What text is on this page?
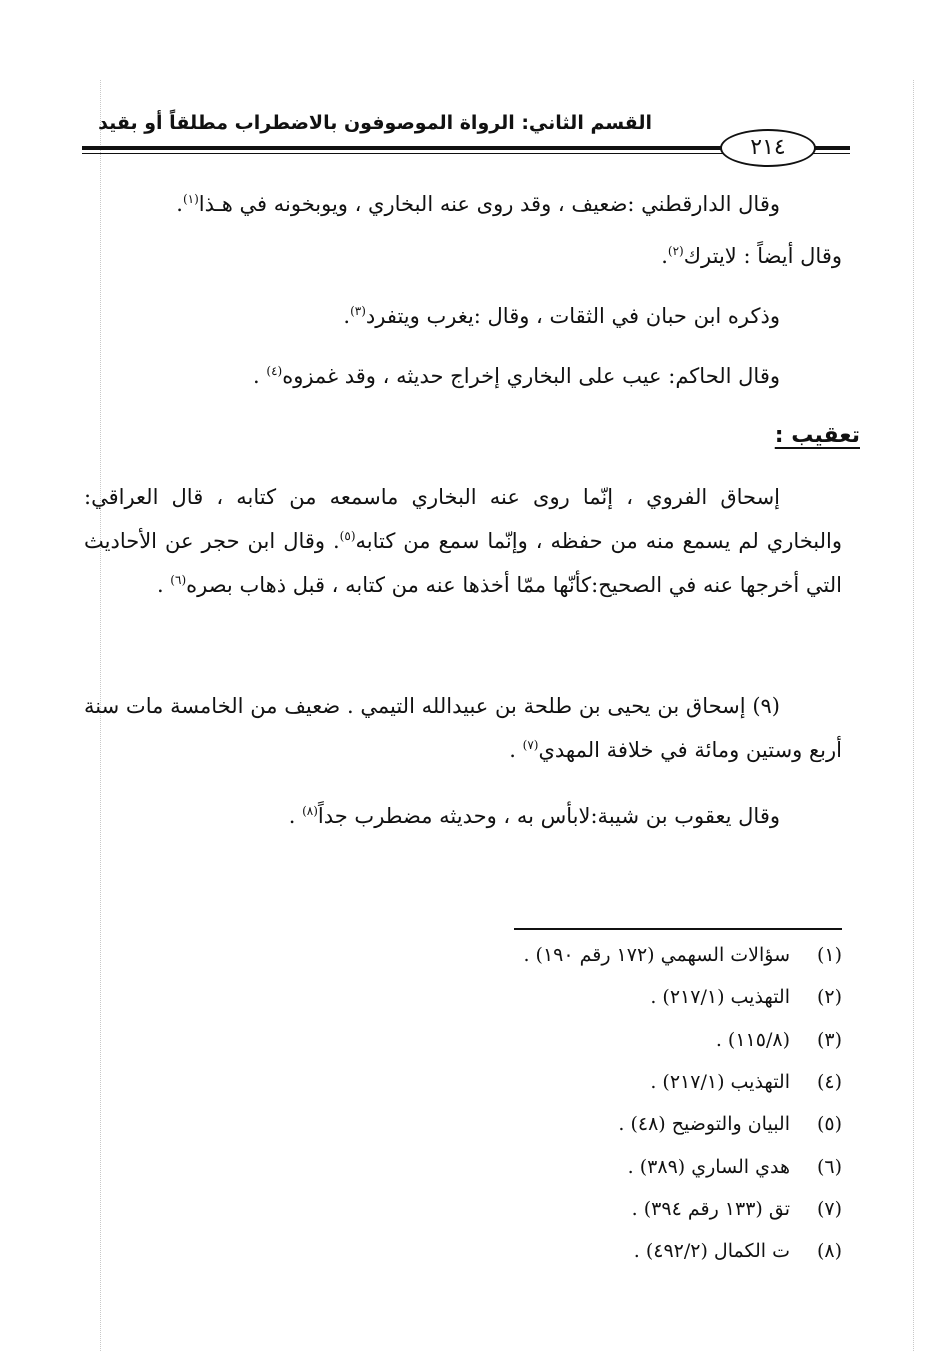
القسم الثاني: الرواة الموصوفون بالاضطراب مطلقاً أو بقيد
٢١٤
وقال الدارقطني :ضعيف ، وقد روى عنه البخاري ، ويوبخونه في هـذا$^{(١)}$.
وقال أيضاً : لايترك$^{(٢)}$.
وذكره ابن حبان في الثقات ، وقال :يغرب ويتفرد$^{(٣)}$.
وقال الحاكم: عيب على البخاري إخراج حديثه ، وقد غمزوه$^{(٤)}$ .
تعقيب :
إسحاق الفروي ، إنّما روى عنه البخاري ماسمعه من كتابه ، قال العراقي: والبخاري لم يسمع منه من حفظه ، وإنّما سمع من كتابه$^{(٥)}$. وقال ابن حجر عن الأحاديث التي أخرجها عنه في الصحيح:كأنّها ممّا أخذها عنه من كتابه ، قبل ذهاب بصره$^{(٦)}$ .
(٩) إسحاق بن يحيى بن طلحة بن عبيدالله التيمي . ضعيف من الخامسة مات سنة أربع وستين ومائة في خلافة المهدي$^{(٧)}$ .
وقال يعقوب بن شيبة:لابأس به ، وحديثه مضطرب جداً$^{(٨)}$ .
(١)
سؤالات السهمي (١٧٢ رقم ١٩٠) .
(٢)
التهذيب (٢١٧/١) .
(٣)
(١١٥/٨) .
(٤)
التهذيب (٢١٧/١) .
(٥)
البيان والتوضيح (٤٨) .
(٦)
هدي الساري (٣٨٩) .
(٧)
تق (١٣٣ رقم ٣٩٤) .
(٨)
ت الكمال (٤٩٢/٢) .
